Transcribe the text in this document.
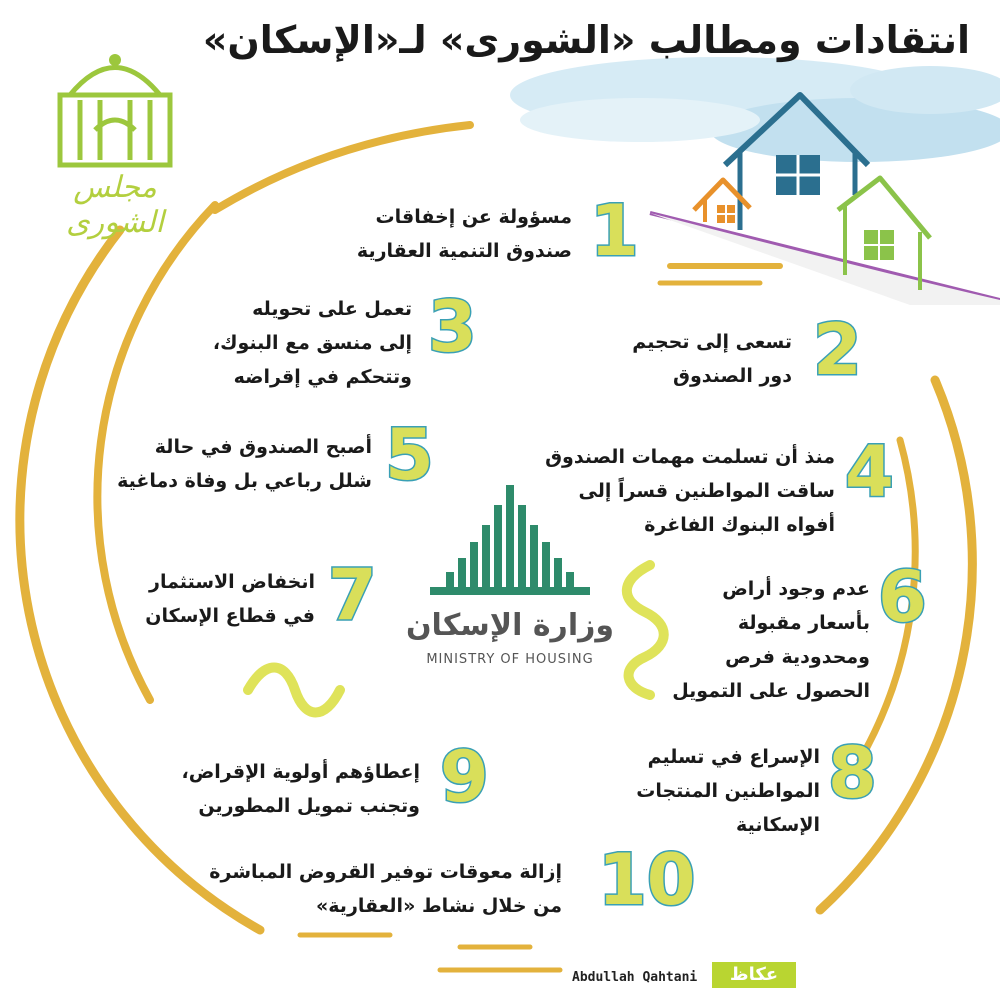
مجلس الشورى
انتقادات ومطالب «الشورى» لـ«الإسكان»
وزارة الإسكان
MINISTRY OF HOUSING
مسؤولة عن إخفاقات
صندوق التنمية العقارية 1
تسعى إلى تحجيم
دور الصندوق 2
تعمل على تحويله
إلى منسق مع البنوك،
وتتحكم في إقراضه
3
منذ أن تسلمت مهمات الصندوق
ساقت المواطنين قسراً إلى
أفواه البنوك الفاغرة
4
أصبح الصندوق في حالة
شلل رباعي بل وفاة دماغية 5
عدم وجود أراض
بأسعار مقبولة
ومحدودية فرص
الحصول على التمويل
6
انخفاض الاستثمار
في قطاع الإسكان 7
الإسراع في تسليم
المواطنين المنتجات
الإسكانية
8
إعطاؤهم أولوية الإقراض،
وتجنب تمويل المطورين 9
إزالة معوقات توفير القروض المباشرة
من خلال نشاط «العقارية» 10
Abdullah Qahtani	عكاظ
